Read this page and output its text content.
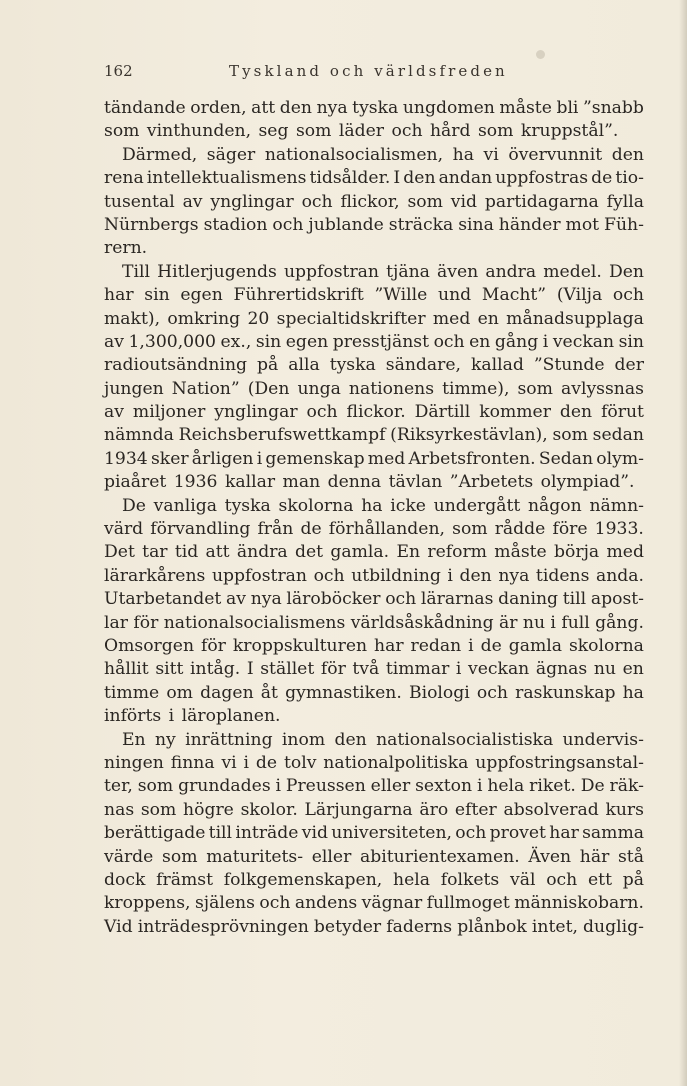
162	Tyskland och världsfreden
tändande orden, att den nya tyska ungdomen måste bli ”snabb
som vinthunden, seg som läder och hård som kruppstål”.
Därmed, säger nationalsocialismen, ha vi övervunnit den
rena intellektualismens tidsålder. I den andan uppfostras de tio-
tusental av ynglingar och flickor, som vid partidagarna fylla
Nürnbergs stadion och jublande sträcka sina händer mot Füh-
rern.
Till Hitlerjugends uppfostran tjäna även andra medel. Den
har sin egen Führertidskrift ”Wille und Macht” (Vilja och
makt), omkring 20 specialtidskrifter med en månadsupplaga
av 1,300,000 ex., sin egen presstjänst och en gång i veckan sin
radioutsändning på alla tyska sändare, kallad ”Stunde der
jungen Nation” (Den unga nationens timme), som avlyssnas
av miljoner ynglingar och flickor. Därtill kommer den förut
nämnda Reichsberufswettkampf (Riksyrkestävlan), som sedan
1934 sker årligen i gemenskap med Arbetsfronten. Sedan olym-
piaåret 1936 kallar man denna tävlan ”Arbetets olympiad”.
De vanliga tyska skolorna ha icke undergått någon nämn-
värd förvandling från de förhållanden, som rådde före 1933.
Det tar tid att ändra det gamla. En reform måste börja med
lärarkårens uppfostran och utbildning i den nya tidens anda.
Utarbetandet av nya läroböcker och lärarnas daning till apost-
lar för nationalsocialismens världsåskådning är nu i full gång.
Omsorgen för kroppskulturen har redan i de gamla skolorna
hållit sitt intåg. I stället för två timmar i veckan ägnas nu en
timme om dagen åt gymnastiken. Biologi och raskunskap ha
införts i läroplanen.
En ny inrättning inom den nationalsocialistiska undervis-
ningen finna vi i de tolv nationalpolitiska uppfostringsanstal-
ter, som grundades i Preussen eller sexton i hela riket. De räk-
nas som högre skolor. Lärjungarna äro efter absolverad kurs
berättigade till inträde vid universiteten, och provet har samma
värde som maturitets- eller abiturientexamen. Även här stå
dock främst folkgemenskapen, hela folkets väl och ett på
kroppens, själens och andens vägnar fullmoget människobarn.
Vid inträdesprövningen betyder faderns plånbok intet, duglig-
